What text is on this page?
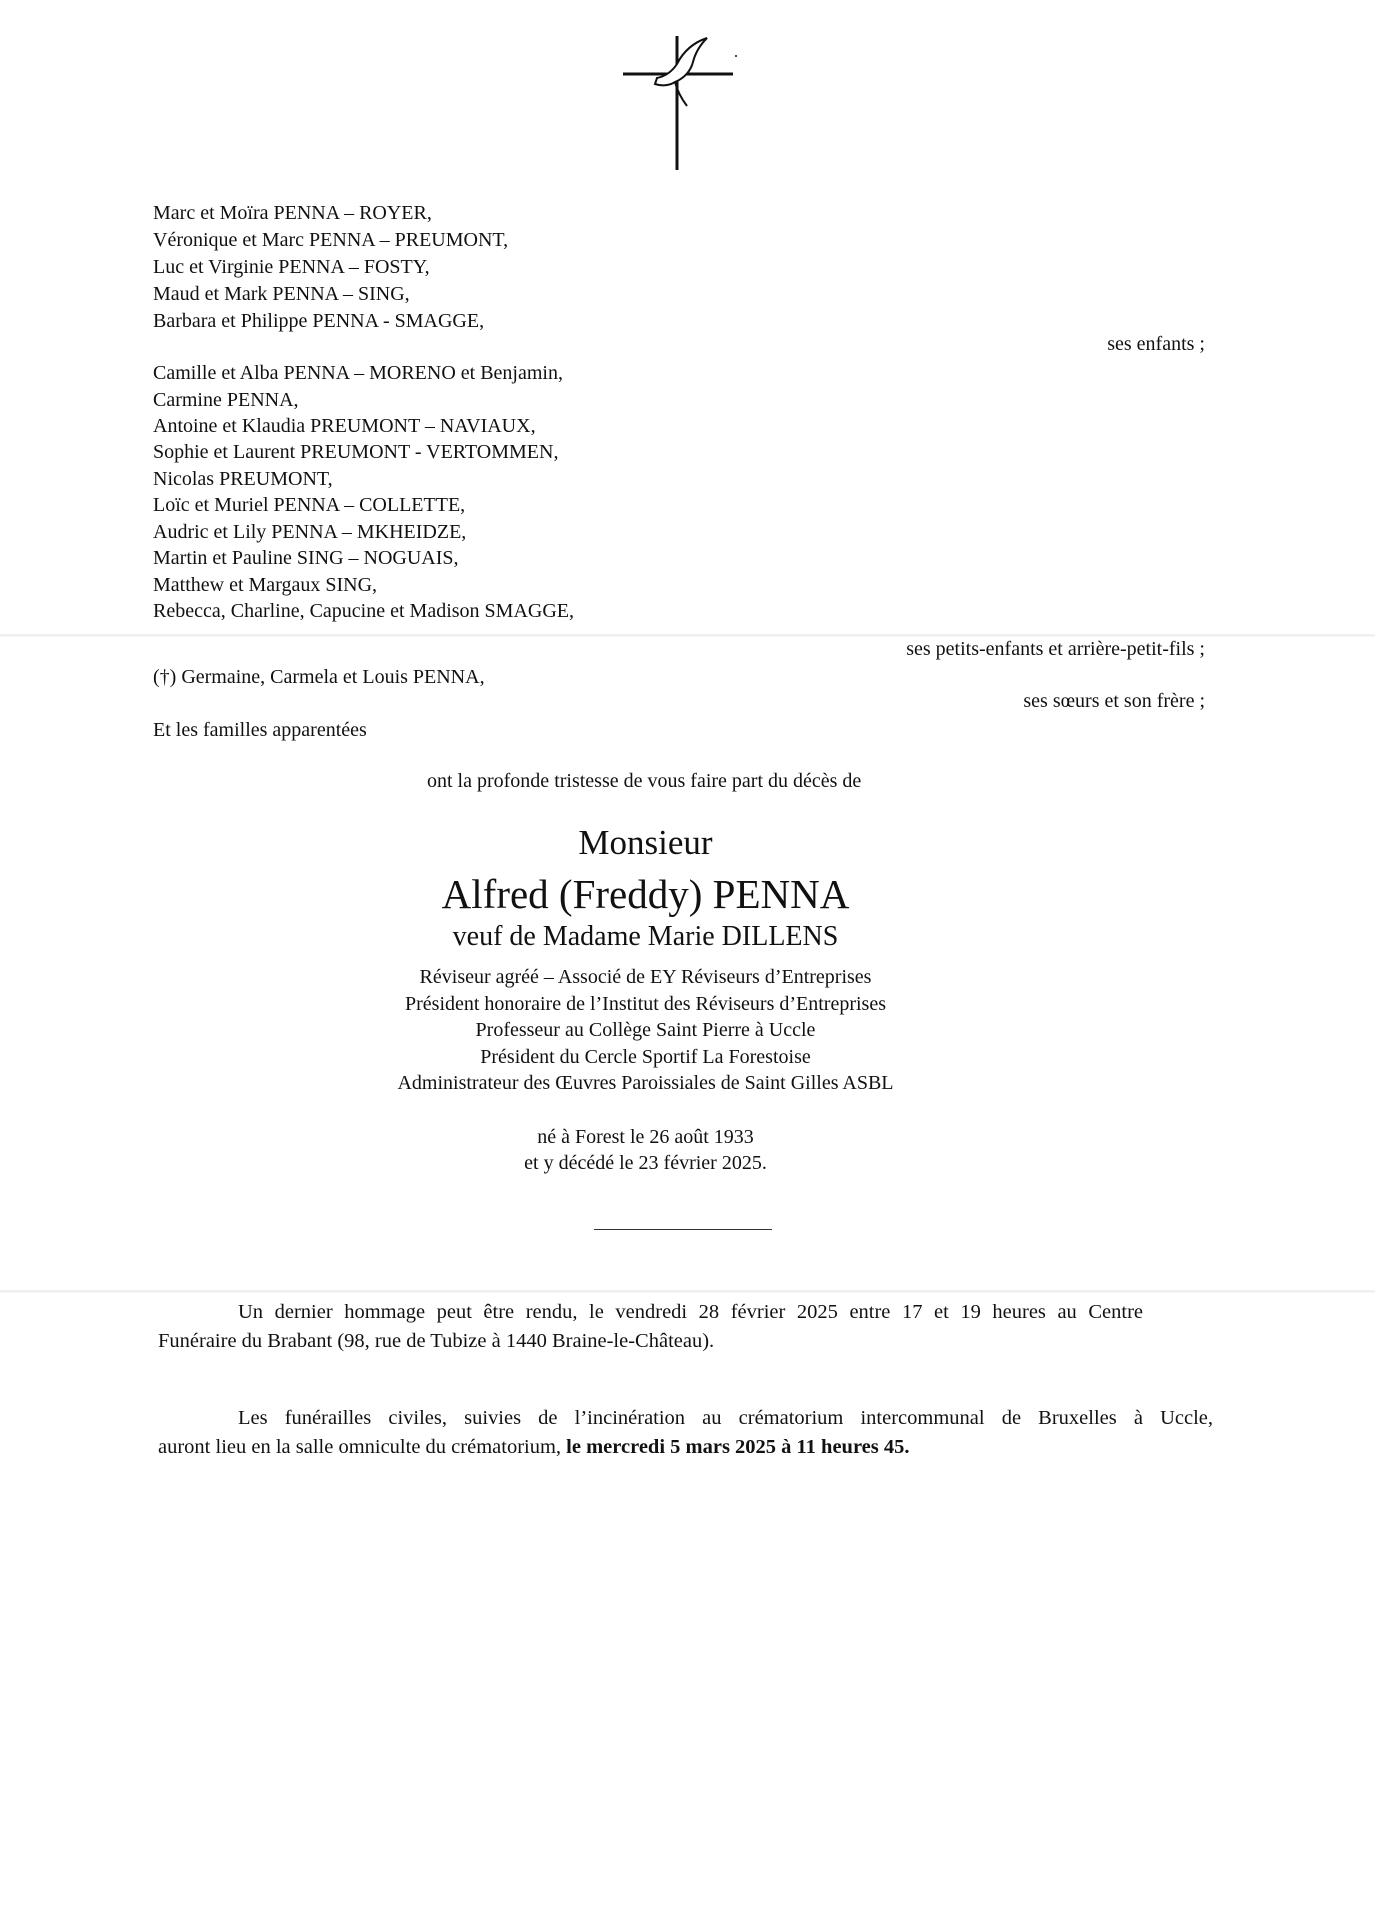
Marc et Moïra PENNA – ROYER,
Véronique et Marc PENNA – PREUMONT,
Luc et Virginie PENNA – FOSTY,
Maud et Mark PENNA – SING,
Barbara et Philippe PENNA - SMAGGE,
ses enfants ;
Camille et Alba PENNA – MORENO et Benjamin,
Carmine PENNA,
Antoine et Klaudia PREUMONT – NAVIAUX,
Sophie et Laurent PREUMONT - VERTOMMEN,
Nicolas PREUMONT,
Loïc et Muriel PENNA – COLLETTE,
Audric et Lily PENNA – MKHEIDZE,
Martin et Pauline SING – NOGUAIS,
Matthew et Margaux SING,
Rebecca, Charline, Capucine et Madison SMAGGE,
ses petits-enfants et arrière-petit-fils ;
(†) Germaine, Carmela et Louis PENNA,
ses sœurs et son frère ;
Et les familles apparentées
ont la profonde tristesse de vous faire part du décès de
Monsieur
Alfred (Freddy) PENNA
veuf de Madame Marie DILLENS
Réviseur agréé – Associé de EY Réviseurs d’Entreprises
Président honoraire de l’Institut des Réviseurs d’Entreprises
Professeur au Collège Saint Pierre à Uccle
Président du Cercle Sportif La Forestoise
Administrateur des Œuvres Paroissiales de Saint Gilles ASBL
né à Forest le 26 août 1933
et y décédé le 23 février 2025.

Un dernier hommage peut être rendu, le vendredi 28 février 2025 entre 17 et 19 heures au Centre

Funéraire du Brabant (98, rue de Tubize à 1440 Braine-le-Château).

Les funérailles civiles, suivies de l’incinération au crématorium intercommunal de Bruxelles à Uccle,

auront lieu en la salle omniculte du crématorium, le mercredi 5 mars 2025 à 11 heures 45.
